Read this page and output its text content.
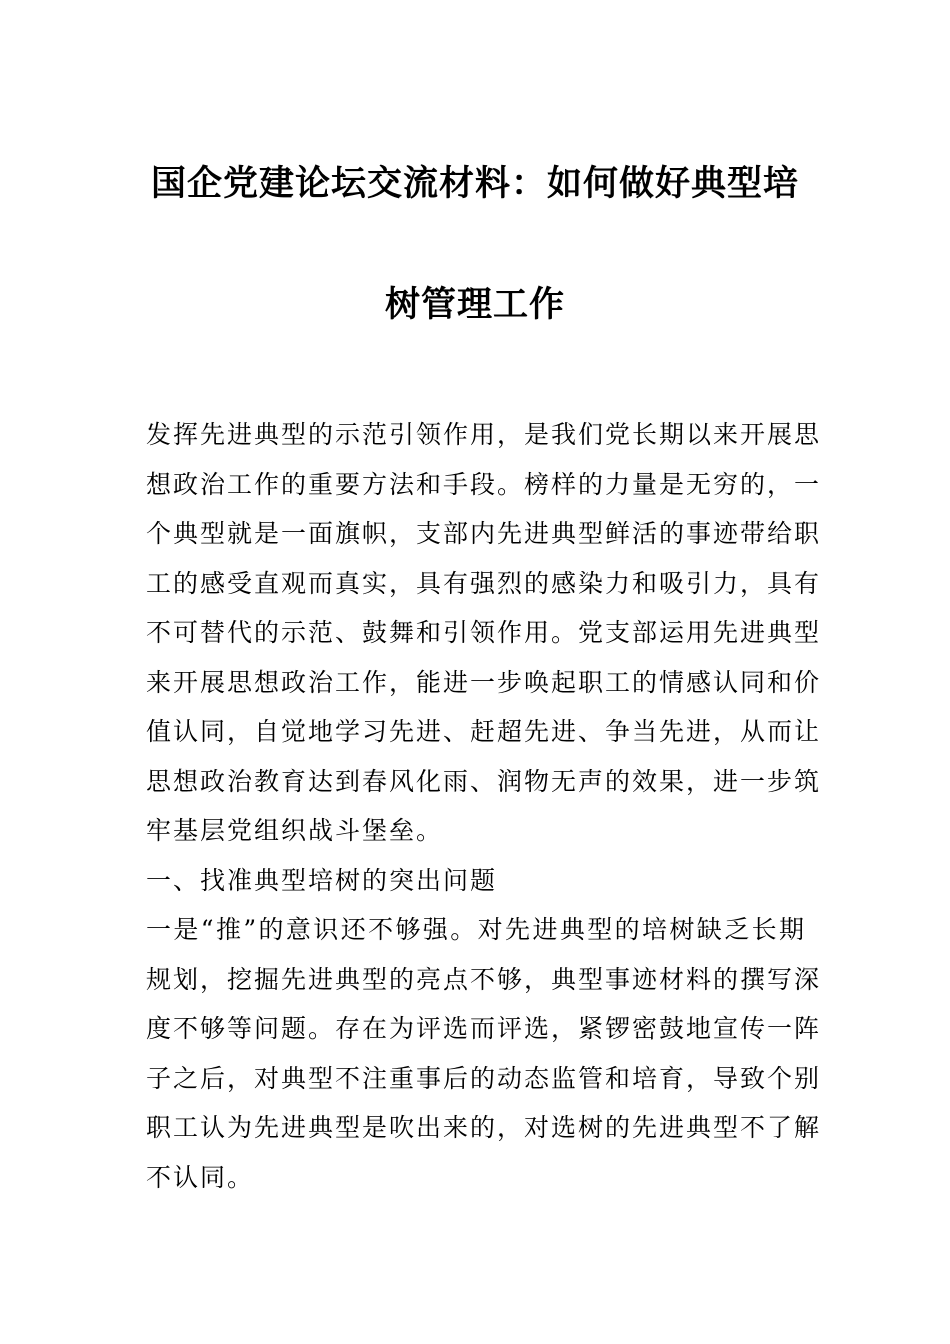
国企党建论坛交流材料：如何做好典型培
树管理工作
发挥先进典型的示范引领作用，是我们党长期以来开展思
想政治工作的重要方法和手段。榜样的力量是无穷的，一
个典型就是一面旗帜，支部内先进典型鲜活的事迹带给职
工的感受直观而真实，具有强烈的感染力和吸引力，具有
不可替代的示范、鼓舞和引领作用。党支部运用先进典型
来开展思想政治工作，能进一步唤起职工的情感认同和价
值认同，自觉地学习先进、赶超先进、争当先进，从而让
思想政治教育达到春风化雨、润物无声的效果，进一步筑
牢基层党组织战斗堡垒。
一、找准典型培树的突出问题
一是“推”的意识还不够强。对先进典型的培树缺乏长期
规划，挖掘先进典型的亮点不够，典型事迹材料的撰写深
度不够等问题。存在为评选而评选，紧锣密鼓地宣传一阵
子之后，对典型不注重事后的动态监管和培育，导致个别
职工认为先进典型是吹出来的，对选树的先进典型不了解
不认同。
